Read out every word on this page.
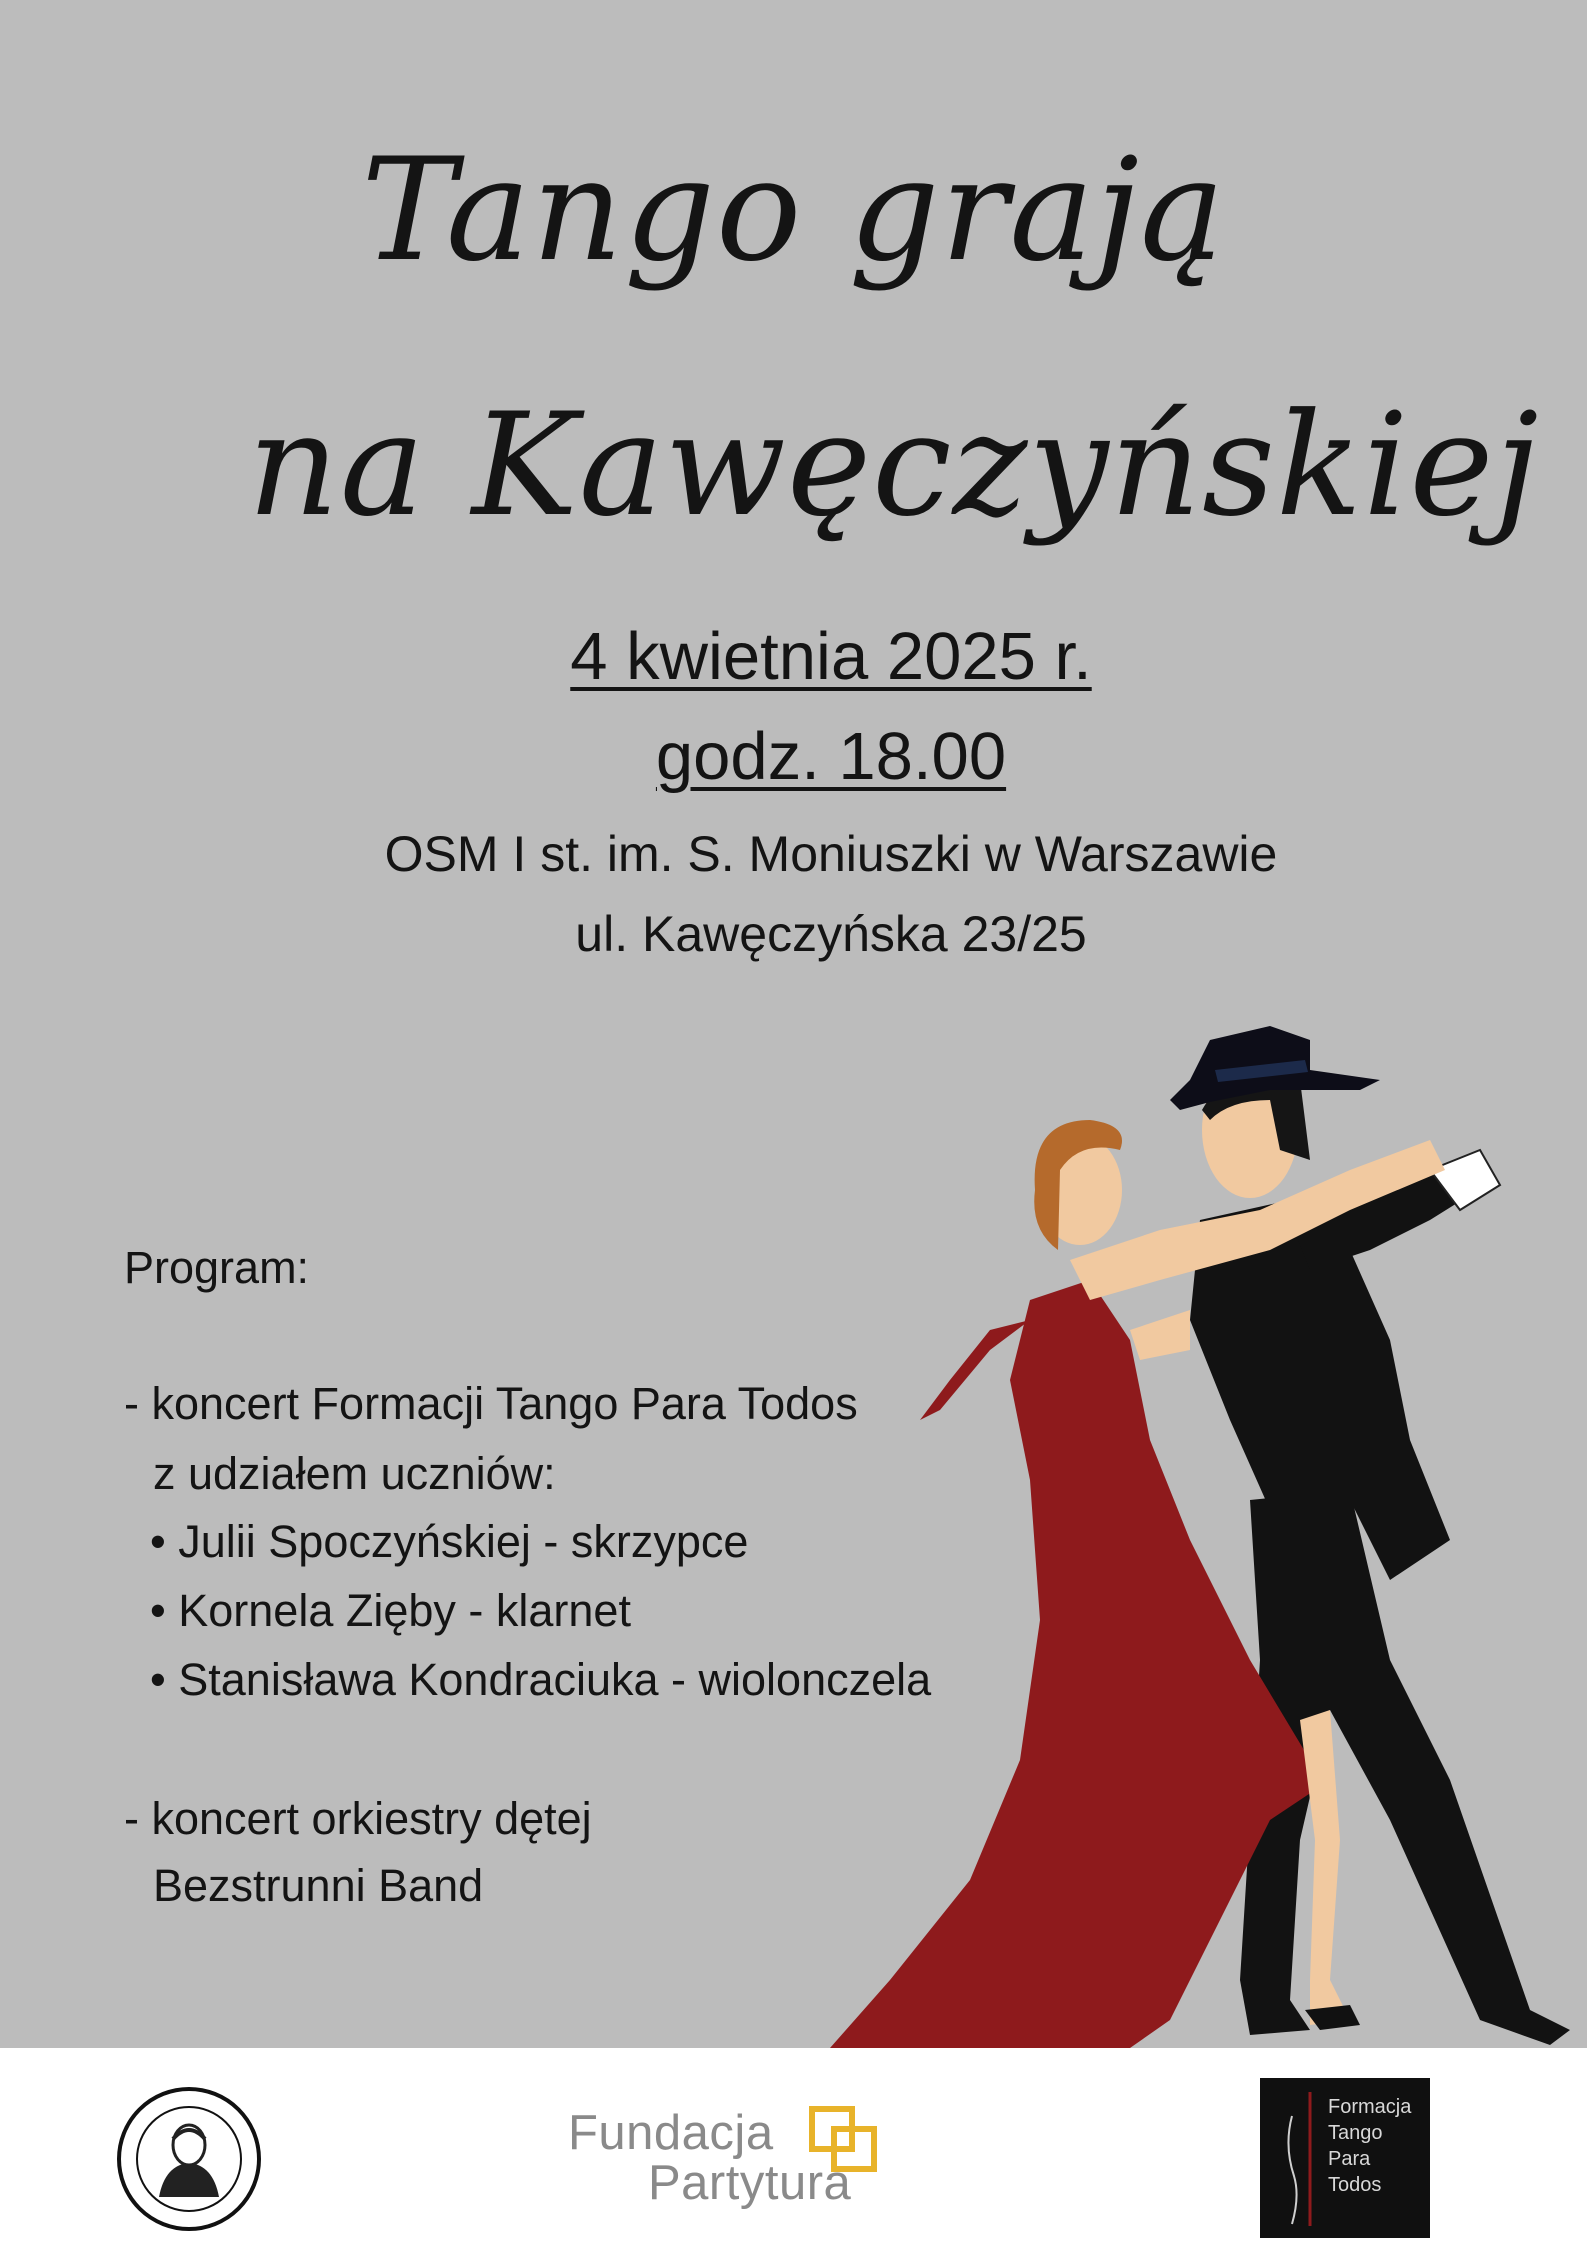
Tango grają
na Kawęczyńskiej
4 kwietnia 2025 r.
godz. 18.00
OSM I st. im. S. Moniuszki w Warszawie
ul. Kawęczyńska 23/25
Program:
- koncert Formacji Tango Para Todos
z udziałem uczniów:
• Julii Spoczyńskiej - skrzypce
• Kornela Zięby - klarnet
• Stanisława Kondraciuka - wiolonczela
- koncert orkiestry dętej
Bezstrunni Band
Fundacja
Partytura
Formacja
Tango
Para
Todos
